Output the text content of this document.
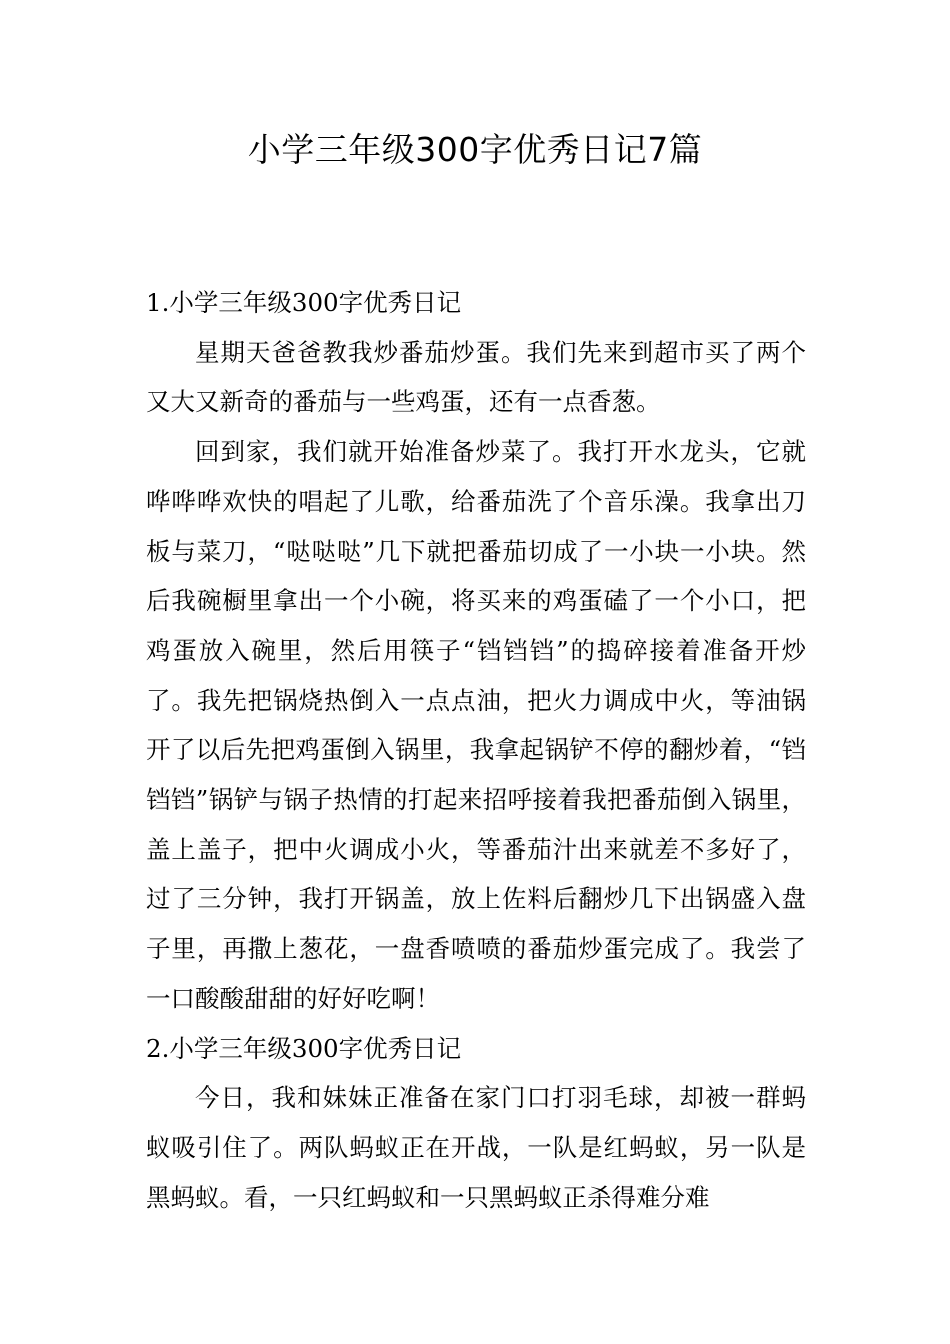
小学三年级300字优秀日记7篇

1.小学三年级300字优秀日记

星期天爸爸教我炒番茄炒蛋。我们先来到超市买了两个又大又新奇的番茄与一些鸡蛋，还有一点香葱。

回到家，我们就开始准备炒菜了。我打开水龙头，它就哗哗哗欢快的唱起了儿歌，给番茄洗了个音乐澡。我拿出刀板与菜刀，“哒哒哒”几下就把番茄切成了一小块一小块。然后我碗橱里拿出一个小碗，将买来的鸡蛋磕了一个小口，把鸡蛋放入碗里，然后用筷子“铛铛铛”的捣碎接着准备开炒了。我先把锅烧热倒入一点点油，把火力调成中火，等油锅开了以后先把鸡蛋倒入锅里，我拿起锅铲不停的翻炒着，“铛铛铛”锅铲与锅子热情的打起来招呼接着我把番茄倒入锅里，盖上盖子，把中火调成小火，等番茄汁出来就差不多好了，过了三分钟，我打开锅盖，放上佐料后翻炒几下出锅盛入盘子里，再撒上葱花，一盘香喷喷的番茄炒蛋完成了。我尝了一口酸酸甜甜的好好吃啊！

2.小学三年级300字优秀日记

今日，我和妹妹正准备在家门口打羽毛球，却被一群蚂蚁吸引住了。两队蚂蚁正在开战，一队是红蚂蚁，另一队是黑蚂蚁。看，一只红蚂蚁和一只黑蚂蚁正杀得难分难
